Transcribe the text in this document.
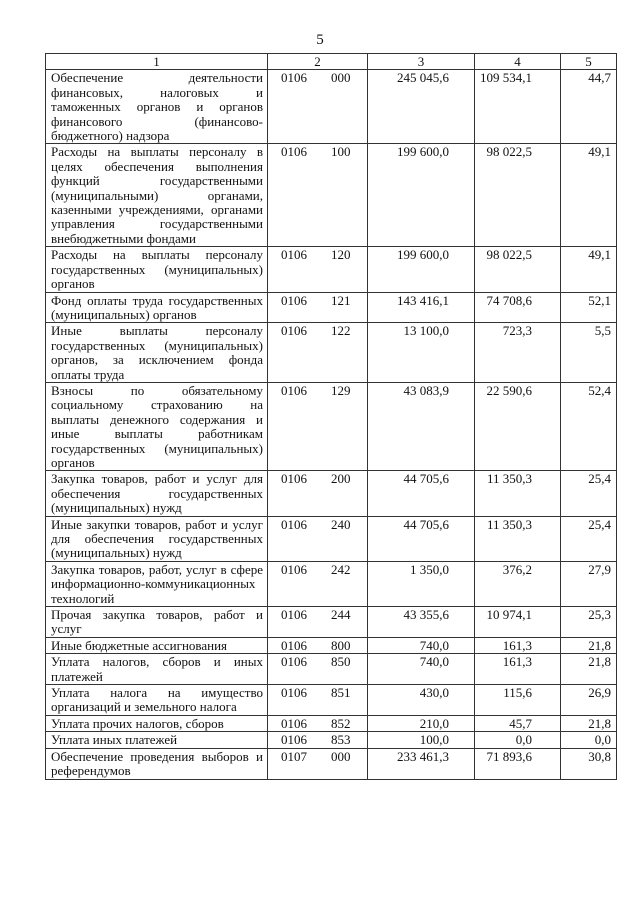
5
1	2	3	4	5
Обеспечение деятельности финансовых, налоговых и таможенных органов и органов финансового (финансово-бюджетного) надзора	0106 000	245 045,6	109 534,1	44,7
Расходы на выплаты персоналу в целях обеспечения выполнения функций государственными (муниципальными) органами, казенными учреждениями, органами управления государственными внебюджетными фондами	0106 100	199 600,0	98 022,5	49,1
Расходы на выплаты персоналу государственных (муниципальных) органов	0106 120	199 600,0	98 022,5	49,1
Фонд оплаты труда государственных (муниципальных) органов	0106 121	143 416,1	74 708,6	52,1
Иные выплаты персоналу государственных (муниципальных) органов, за исключением фонда оплаты труда	0106 122	13 100,0	723,3	5,5
Взносы по обязательному социальному страхованию на выплаты денежного содержания и иные выплаты работникам государственных (муниципальных) органов	0106 129	43 083,9	22 590,6	52,4
Закупка товаров, работ и услуг для обеспечения государственных (муниципальных) нужд	0106 200	44 705,6	11 350,3	25,4
Иные закупки товаров, работ и услуг для обеспечения государственных (муниципальных) нужд	0106 240	44 705,6	11 350,3	25,4
Закупка товаров, работ, услуг в сфере информационно-коммуникационных технологий	0106 242	1 350,0	376,2	27,9
Прочая закупка товаров, работ и услуг	0106 244	43 355,6	10 974,1	25,3
Иные бюджетные ассигнования	0106 800	740,0	161,3	21,8
Уплата налогов, сборов и иных платежей	0106 850	740,0	161,3	21,8
Уплата налога на имущество организаций и земельного налога	0106 851	430,0	115,6	26,9
Уплата прочих налогов, сборов	0106 852	210,0	45,7	21,8
Уплата иных платежей	0106 853	100,0	0,0	0,0
Обеспечение проведения выборов и референдумов	0107 000	233 461,3	71 893,6	30,8
